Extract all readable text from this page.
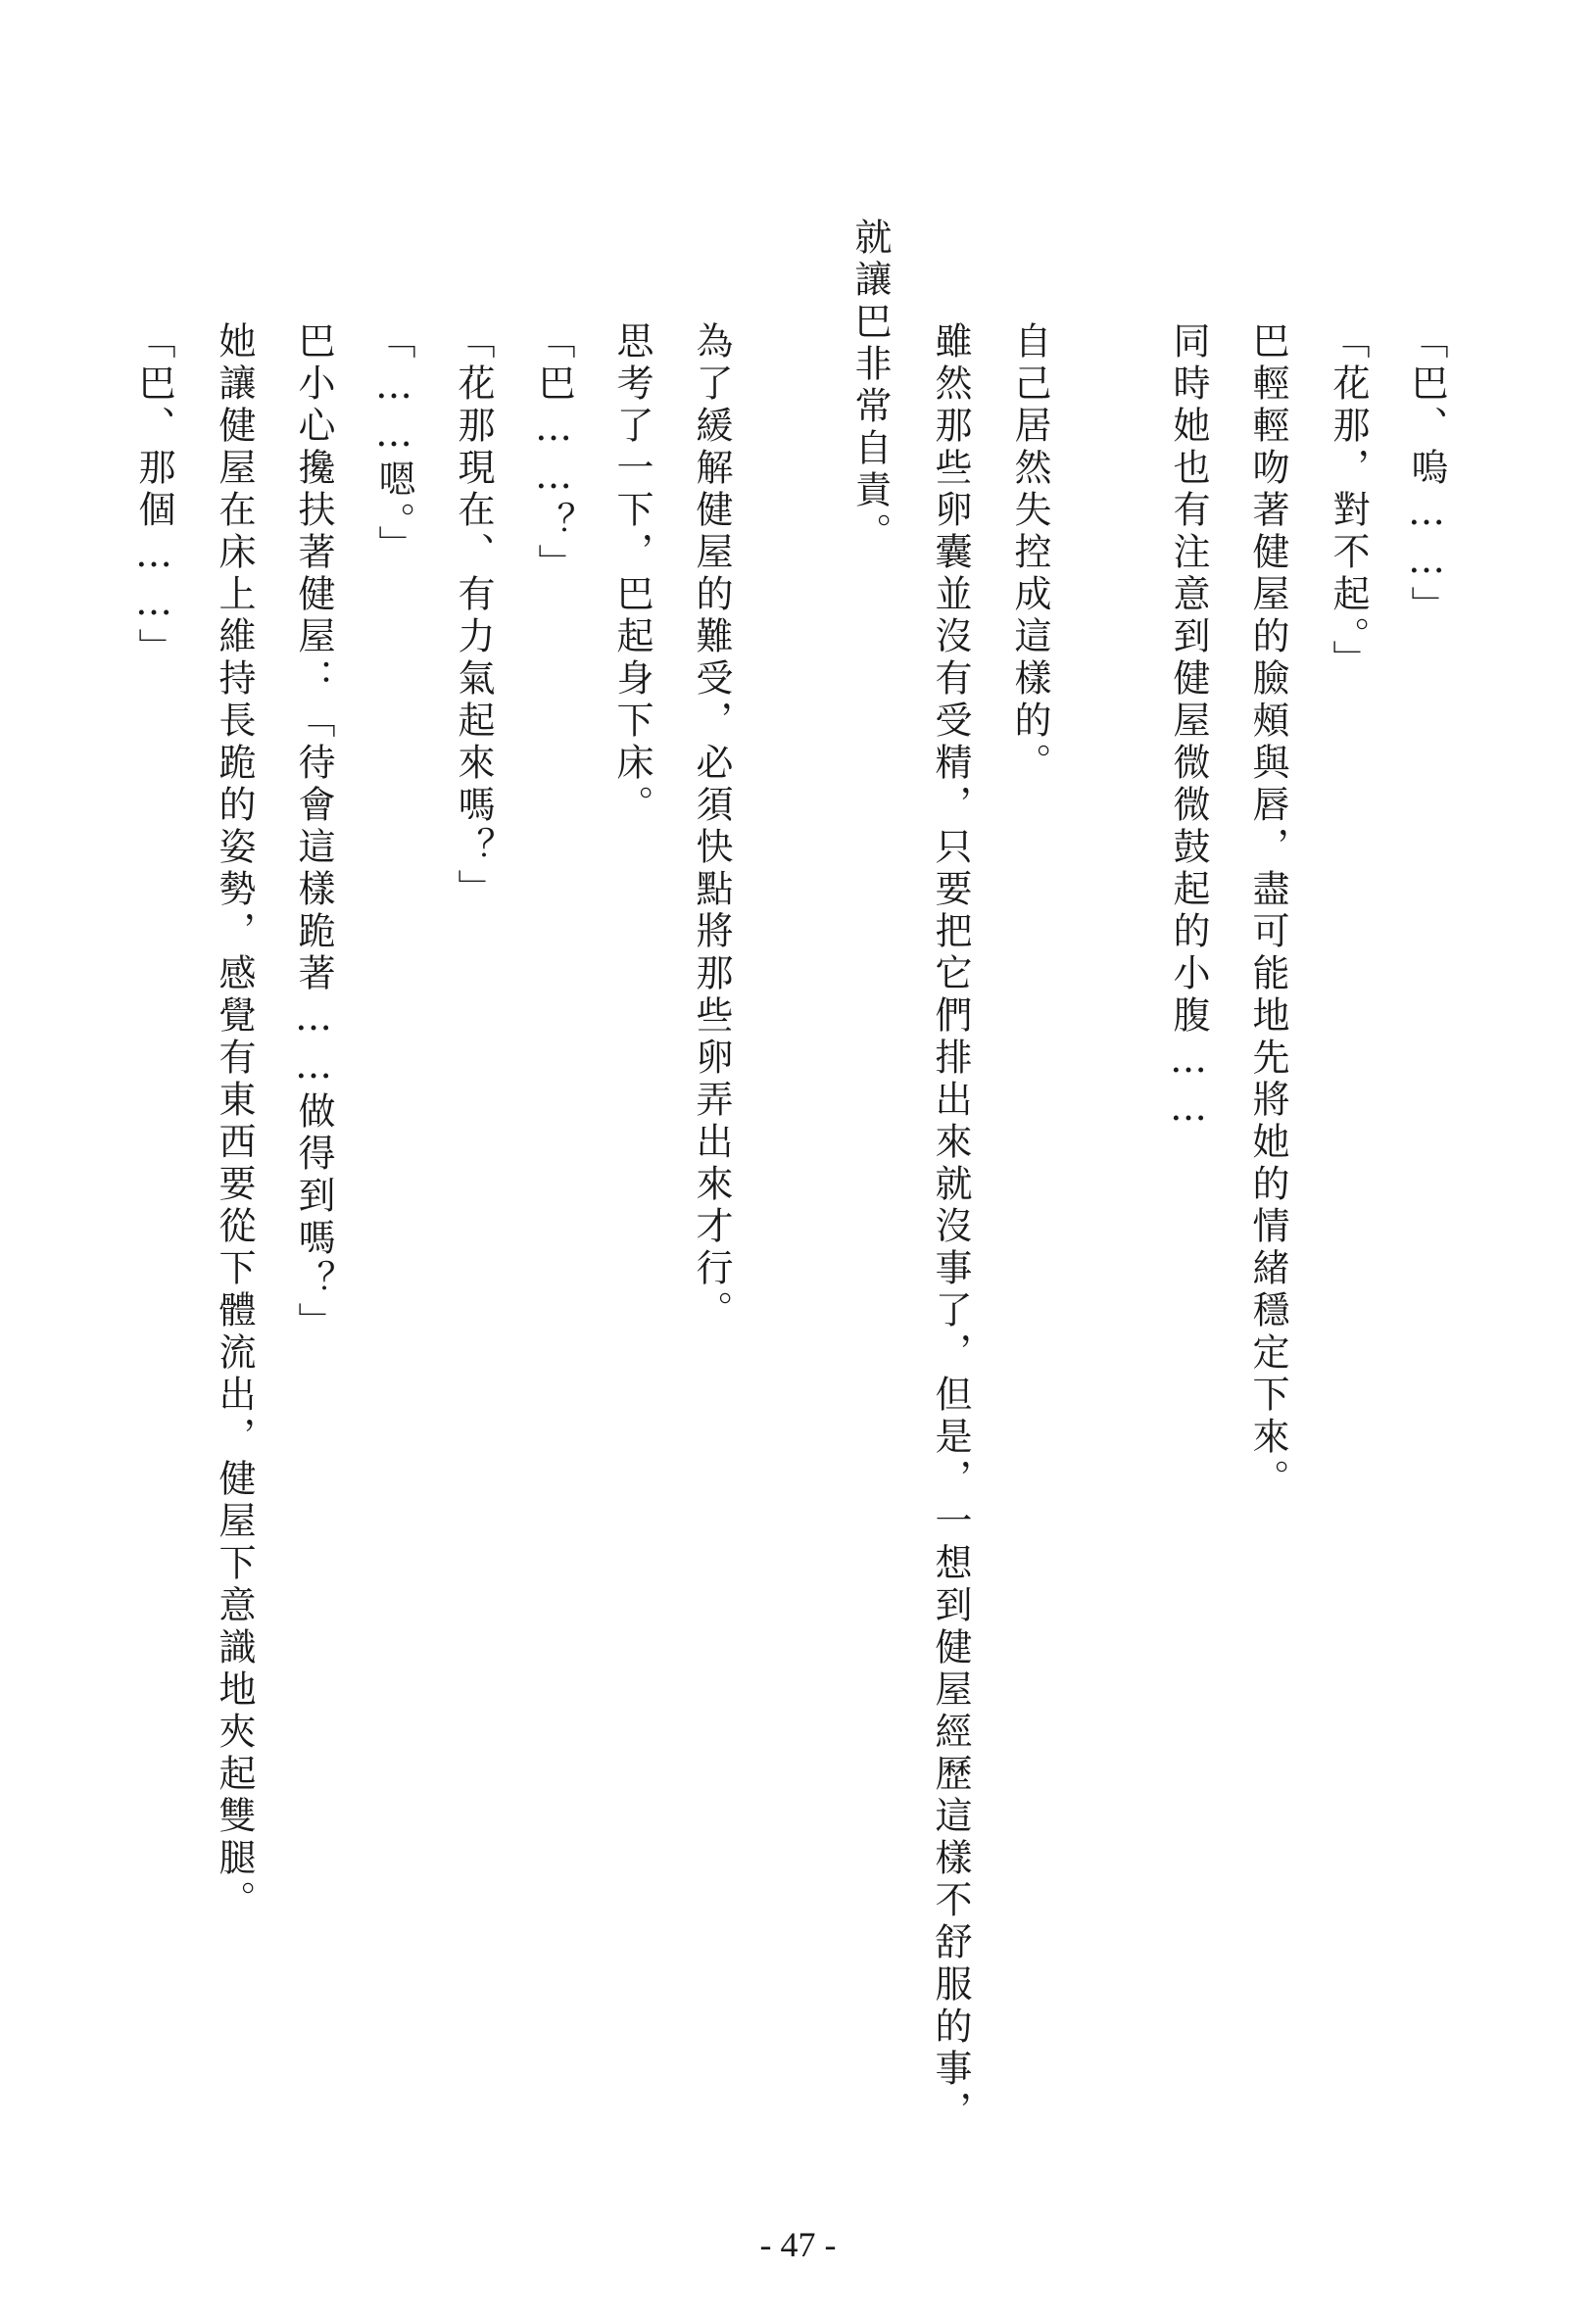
「巴、嗚……」
「花那，對不起。」
巴輕輕吻著健屋的臉頰與唇，盡可能地先將她的情緒穩定下來。
同時她也有注意到健屋微微鼓起的小腹……
自己居然失控成這樣的。
雖然那些卵囊並沒有受精，只要把它們排出來就沒事了，但是，一想到健屋經歷這樣不舒服的事，
就讓巴非常自責。
為了緩解健屋的難受，必須快點將那些卵弄出來才行。
思考了一下，巴起身下床。
「巴……？」
「花那現在、有力氣起來嗎？」
「……嗯。」
巴小心攙扶著健屋：「待會這樣跪著……做得到嗎？」
她讓健屋在床上維持長跪的姿勢，感覺有東西要從下體流出，健屋下意識地夾起雙腿。
「巴、那個……」
- 47 -
